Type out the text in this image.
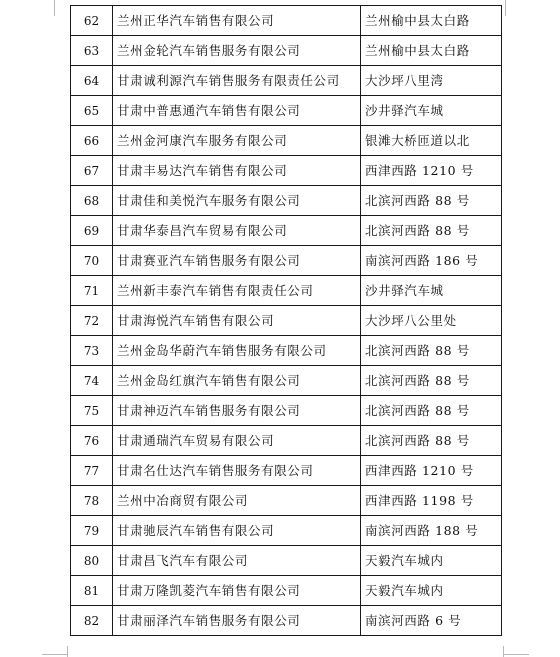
62	兰州正华汽车销售有限公司	兰州榆中县太白路
63	兰州金轮汽车销售服务有限公司	兰州榆中县太白路
64	甘肃诚利源汽车销售服务有限责任公司	大沙坪八里湾
65	甘肃中普惠通汽车销售有限公司	沙井驿汽车城
66	兰州金河康汽车服务有限公司	银滩大桥匝道以北
67	甘肃丰易达汽车销售有限公司	西津西路 1210 号
68	甘肃佳和美悦汽车服务有限公司	北滨河西路 88 号
69	甘肃华泰昌汽车贸易有限公司	北滨河西路 88 号
70	甘肃赛亚汽车销售服务有限公司	南滨河西路 186 号
71	兰州新丰泰汽车销售有限责任公司	沙井驿汽车城
72	甘肃海悦汽车销售有限公司	大沙坪八公里处
73	兰州金岛华蔚汽车销售服务有限公司	北滨河西路 88 号
74	兰州金岛红旗汽车销售有限公司	北滨河西路 88 号
75	甘肃神迈汽车销售服务有限公司	北滨河西路 88 号
76	甘肃通瑞汽车贸易有限公司	北滨河西路 88 号
77	甘肃名仕达汽车销售服务有限公司	西津西路 1210 号
78	兰州中冶商贸有限公司	西津西路 1198 号
79	甘肃驰辰汽车销售有限公司	南滨河西路 188 号
80	甘肃昌飞汽车有限公司	天毅汽车城内
81	甘肃万隆凯菱汽车销售有限公司	天毅汽车城内
82	甘肃丽泽汽车销售服务有限公司	南滨河西路 6 号
